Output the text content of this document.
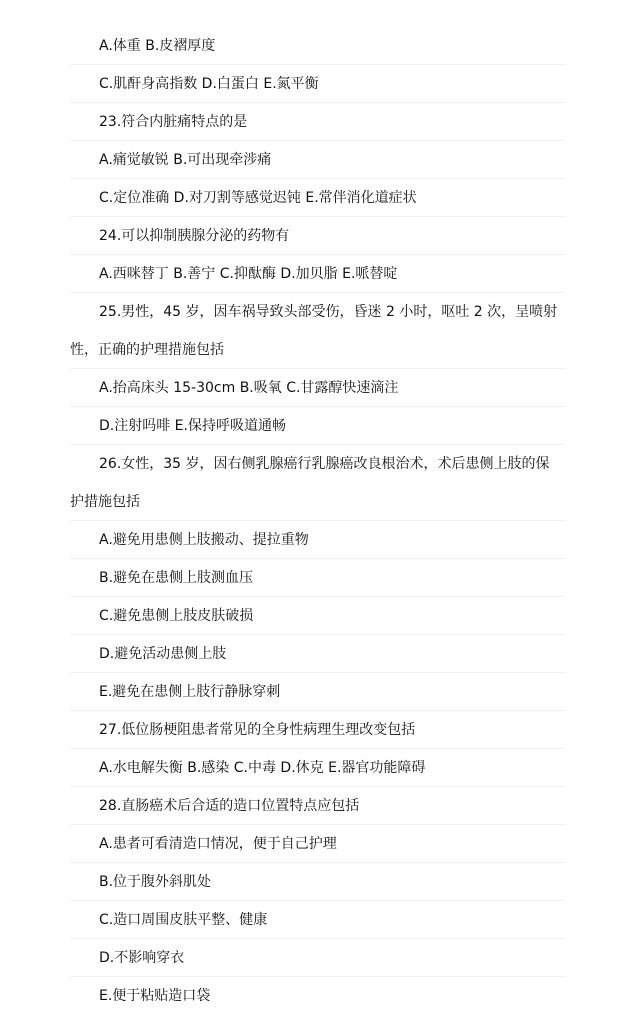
A.体重 B.皮褶厚度
C.肌酐身高指数 D.白蛋白 E.氮平衡
23.符合内脏痛特点的是
A.痛觉敏锐 B.可出现牵涉痛
C.定位准确 D.对刀割等感觉迟钝 E.常伴消化道症状
24.可以抑制胰腺分泌的药物有
A.西咪替丁 B.善宁 C.抑酞酶 D.加贝脂 E.哌替啶
25.男性，45 岁，因车祸导致头部受伤，昏迷 2 小时，呕吐 2 次，呈喷射
性，正确的护理措施包括
A.抬高床头 15-30cm B.吸氧 C.甘露醇快速滴注
D.注射吗啡 E.保持呼吸道通畅
26.女性，35 岁，因右侧乳腺癌行乳腺癌改良根治术，术后患侧上肢的保
护措施包括
A.避免用患侧上肢搬动、提拉重物
B.避免在患侧上肢测血压
C.避免患侧上肢皮肤破损
D.避免活动患侧上肢
E.避免在患侧上肢行静脉穿刺
27.低位肠梗阻患者常见的全身性病理生理改变包括
A.水电解失衡 B.感染 C.中毒 D.休克 E.器官功能障碍
28.直肠癌术后合适的造口位置特点应包括
A.患者可看清造口情况，便于自己护理
B.位于腹外斜肌处
C.造口周围皮肤平整、健康
D.不影响穿衣
E.便于粘贴造口袋
